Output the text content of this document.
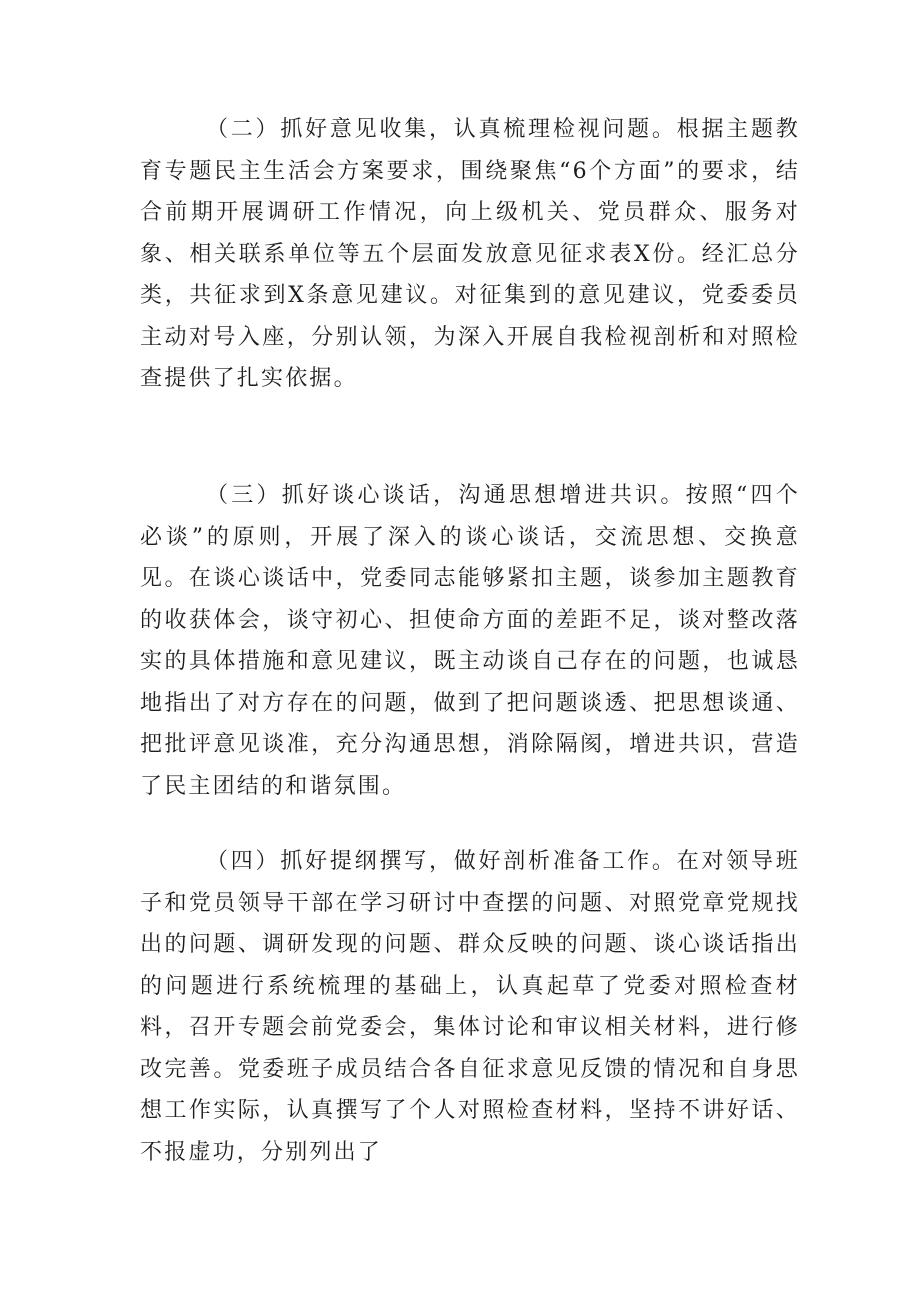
（二）抓好意见收集，认真梳理检视问题。根据主题教育专题民主生活会方案要求，围绕聚焦“6个方面”的要求，结合前期开展调研工作情况，向上级机关、党员群众、服务对象、相关联系单位等五个层面发放意见征求表X份。经汇总分类，共征求到X条意见建议。对征集到的意见建议，党委委员主动对号入座，分别认领，为深入开展自我检视剖析和对照检查提供了扎实依据。

（三）抓好谈心谈话，沟通思想增进共识。按照“四个必谈”的原则，开展了深入的谈心谈话，交流思想、交换意见。在谈心谈话中，党委同志能够紧扣主题，谈参加主题教育的收获体会，谈守初心、担使命方面的差距不足，谈对整改落实的具体措施和意见建议，既主动谈自己存在的问题，也诚恳地指出了对方存在的问题，做到了把问题谈透、把思想谈通、把批评意见谈准，充分沟通思想，消除隔阂，增进共识，营造了民主团结的和谐氛围。

（四）抓好提纲撰写，做好剖析准备工作。在对领导班子和党员领导干部在学习研讨中查摆的问题、对照党章党规找出的问题、调研发现的问题、群众反映的问题、谈心谈话指出的问题进行系统梳理的基础上，认真起草了党委对照检查材料，召开专题会前党委会，集体讨论和审议相关材料，进行修改完善。党委班子成员结合各自征求意见反馈的情况和自身思想工作实际，认真撰写了个人对照检查材料，坚持不讲好话、不报虚功，分别列出了
